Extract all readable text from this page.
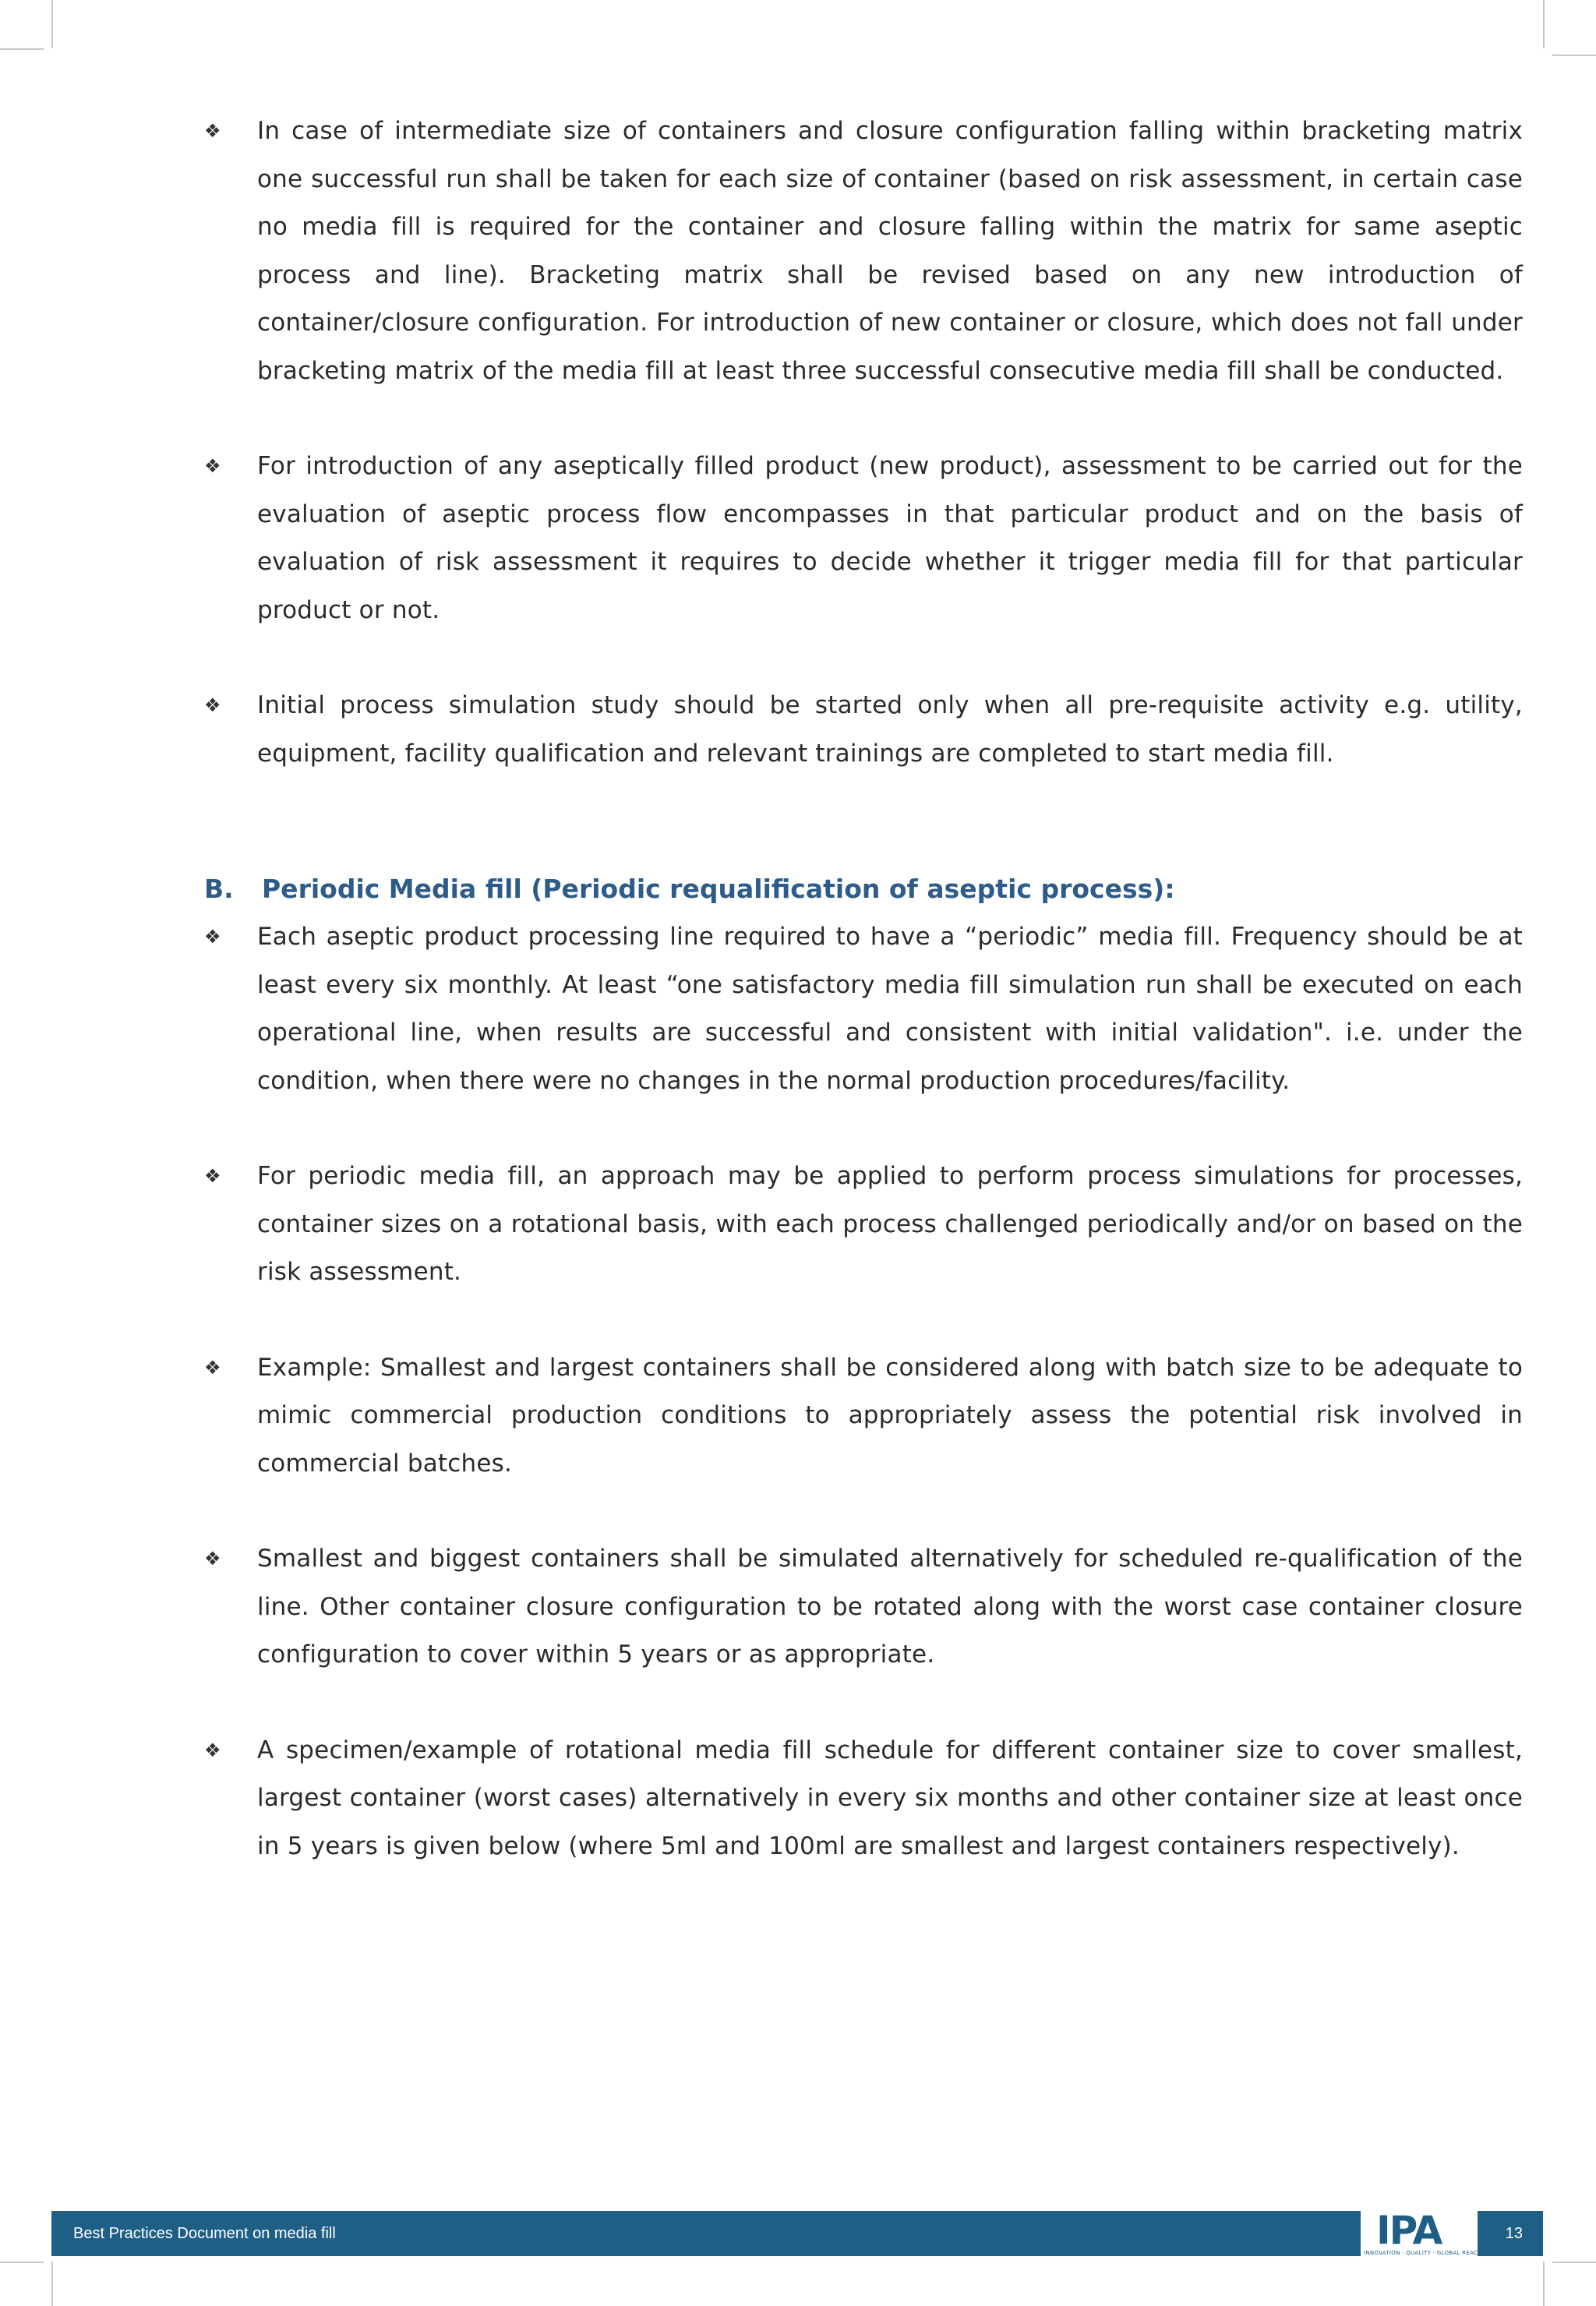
❖ In case of intermediate size of containers and closure configuration falling within bracketing matrix one successful run shall be taken for each size of container (based on risk assessment, in certain case no media fill is required for the container and closure falling within the matrix for same aseptic process and line). Bracketing matrix shall be revised based on any new introduction of container/closure configuration. For introduction of new container or closure, which does not fall under bracketing matrix of the media fill at least three successful consecutive media fill shall be conducted.
❖ For introduction of any aseptically filled product (new product), assessment to be carried out for the evaluation of aseptic process flow encompasses in that particular product and on the basis of evaluation of risk assessment it requires to decide whether it trigger media fill for that particular product or not.
❖ Initial process simulation study should be started only when all pre-requisite activity e.g. utility, equipment, facility qualification and relevant trainings are completed to start media fill.
B. Periodic Media fill (Periodic requalification of aseptic process):
❖ Each aseptic product processing line required to have a “periodic” media fill. Frequency should be at least every six monthly. At least “one satisfactory media fill simulation run shall be executed on each operational line, when results are successful and consistent with initial validation". i.e. under the condition, when there were no changes in the normal production procedures/facility.
❖ For periodic media fill, an approach may be applied to perform process simulations for processes, container sizes on a rotational basis, with each process challenged periodically and/or on based on the risk assessment.
❖ Example: Smallest and largest containers shall be considered along with batch size to be adequate to mimic commercial production conditions to appropriately assess the potential risk involved in commercial batches.
❖ Smallest and biggest containers shall be simulated alternatively for scheduled re-qualification of the line. Other container closure configuration to be rotated along with the worst case container closure configuration to cover within 5 years or as appropriate.
❖ A specimen/example of rotational media fill schedule for different container size to cover smallest, largest container (worst cases) alternatively in every six months and other container size at least once in 5 years is given below (where 5ml and 100ml are smallest and largest containers respectively).
Best Practices Document on media fill	IPA
INNOVATION · QUALITY · GLOBAL REACH
13
